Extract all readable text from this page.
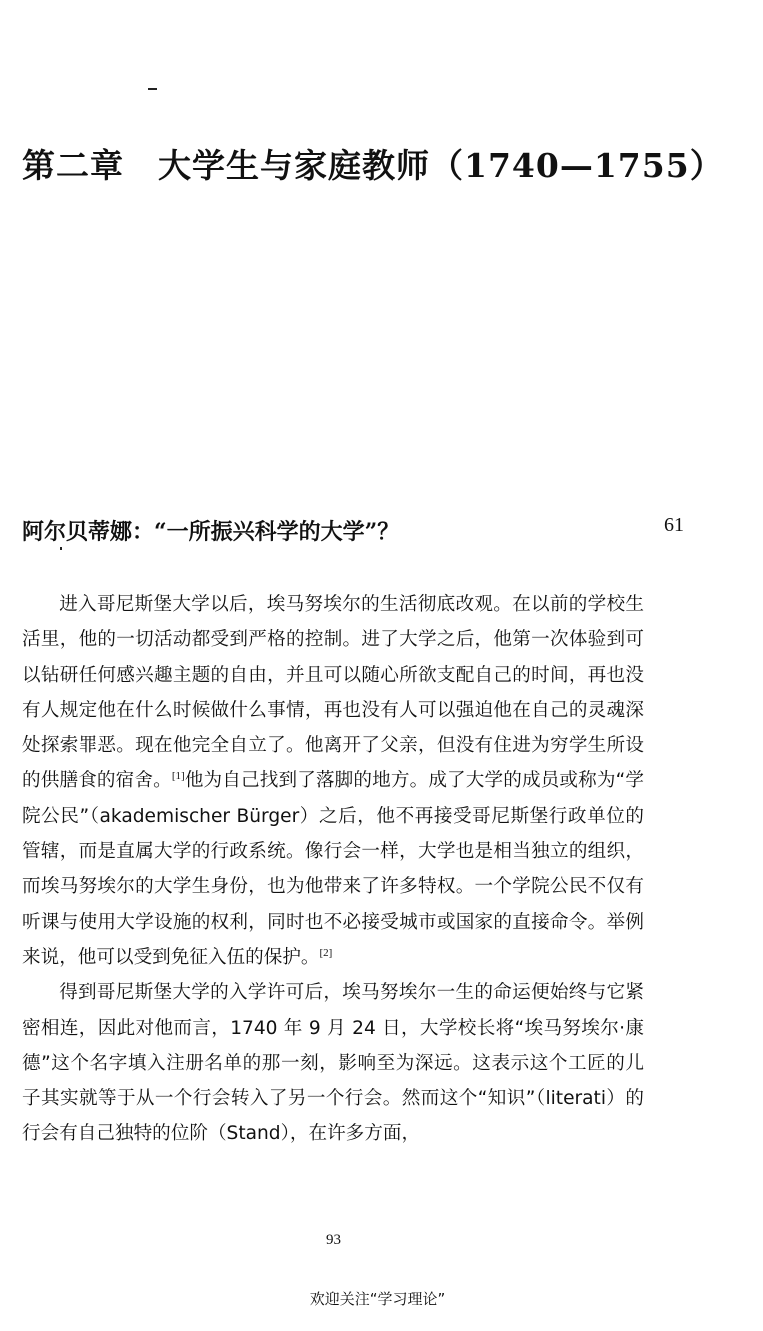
第二章　大学生与家庭教师（1740—1755）
阿尔贝蒂娜：“一所振兴科学的大学”？	61

进入哥尼斯堡大学以后，埃马努埃尔的生活彻底改观。在以前的学校生活里，他的一切活动都受到严格的控制。进了大学之后，他第一次体验到可以钻研任何感兴趣主题的自由，并且可以随心所欲支配自己的时间，再也没有人规定他在什么时候做什么事情，再也没有人可以强迫他在自己的灵魂深处探索罪恶。现在他完全自立了。他离开了父亲，但没有住进为穷学生所设的供膳食的宿舍。[1]他为自己找到了落脚的地方。成了大学的成员或称为“学院公民”（akademischer Bürger）之后，他不再接受哥尼斯堡行政单位的管辖，而是直属大学的行政系统。像行会一样，大学也是相当独立的组织，而埃马努埃尔的大学生身份，也为他带来了许多特权。一个学院公民不仅有听课与使用大学设施的权利，同时也不必接受城市或国家的直接命令。举例来说，他可以受到免征入伍的保护。[2]

得到哥尼斯堡大学的入学许可后，埃马努埃尔一生的命运便始终与它紧密相连，因此对他而言，1740 年 9 月 24 日，大学校长将“埃马努埃尔·康德”这个名字填入注册名单的那一刻，影响至为深远。这表示这个工匠的儿子其实就等于从一个行会转入了另一个行会。然而这个“知识”（literati）的行会有自己独特的位阶（Stand），在许多方面，

93
欢迎关注“学习理论”
